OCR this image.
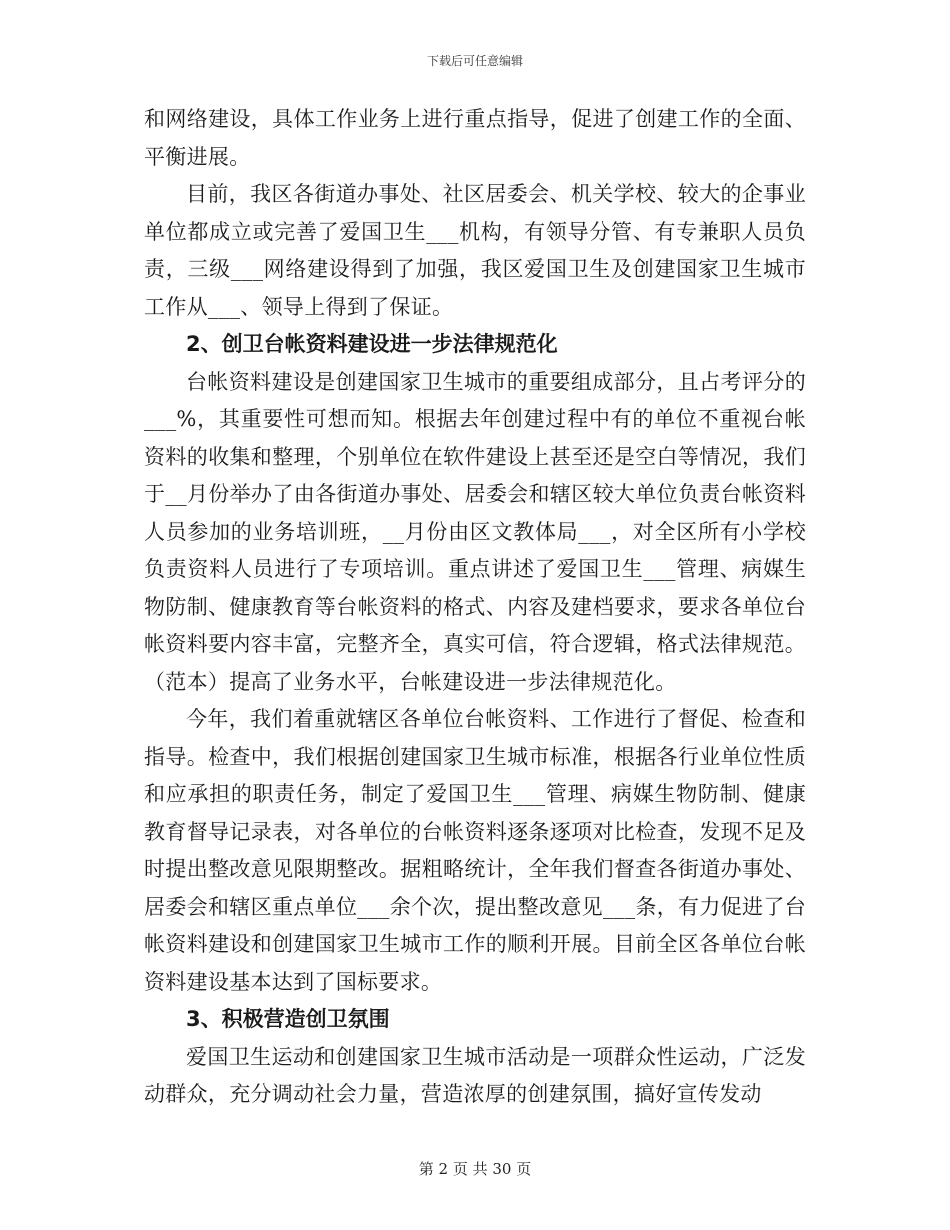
下载后可任意编辑

和网络建设，具体工作业务上进行重点指导，促进了创建工作的全面、平衡进展。

目前，我区各街道办事处、社区居委会、机关学校、较大的企事业单位都成立或完善了爱国卫生___机构，有领导分管、有专兼职人员负责，三级___网络建设得到了加强，我区爱国卫生及创建国家卫生城市工作从___、领导上得到了保证。

2、创卫台帐资料建设进一步法律规范化

台帐资料建设是创建国家卫生城市的重要组成部分，且占考评分的___%，其重要性可想而知。根据去年创建过程中有的单位不重视台帐资料的收集和整理，个别单位在软件建设上甚至还是空白等情况，我们于__月份举办了由各街道办事处、居委会和辖区较大单位负责台帐资料人员参加的业务培训班，__月份由区文教体局___，对全区所有小学校负责资料人员进行了专项培训。重点讲述了爱国卫生___管理、病媒生物防制、健康教育等台帐资料的格式、内容及建档要求，要求各单位台帐资料要内容丰富，完整齐全，真实可信，符合逻辑，格式法律规范。（范本）提高了业务水平，台帐建设进一步法律规范化。

今年，我们着重就辖区各单位台帐资料、工作进行了督促、检查和指导。检查中，我们根据创建国家卫生城市标准，根据各行业单位性质和应承担的职责任务，制定了爱国卫生___管理、病媒生物防制、健康教育督导记录表，对各单位的台帐资料逐条逐项对比检查，发现不足及时提出整改意见限期整改。据粗略统计，全年我们督查各街道办事处、居委会和辖区重点单位___余个次，提出整改意见___条，有力促进了台帐资料建设和创建国家卫生城市工作的顺利开展。目前全区各单位台帐资料建设基本达到了国标要求。

3、积极营造创卫氛围

爱国卫生运动和创建国家卫生城市活动是一项群众性运动，广泛发动群众，充分调动社会力量，营造浓厚的创建氛围，搞好宣传发动

第 2 页 共 30 页
